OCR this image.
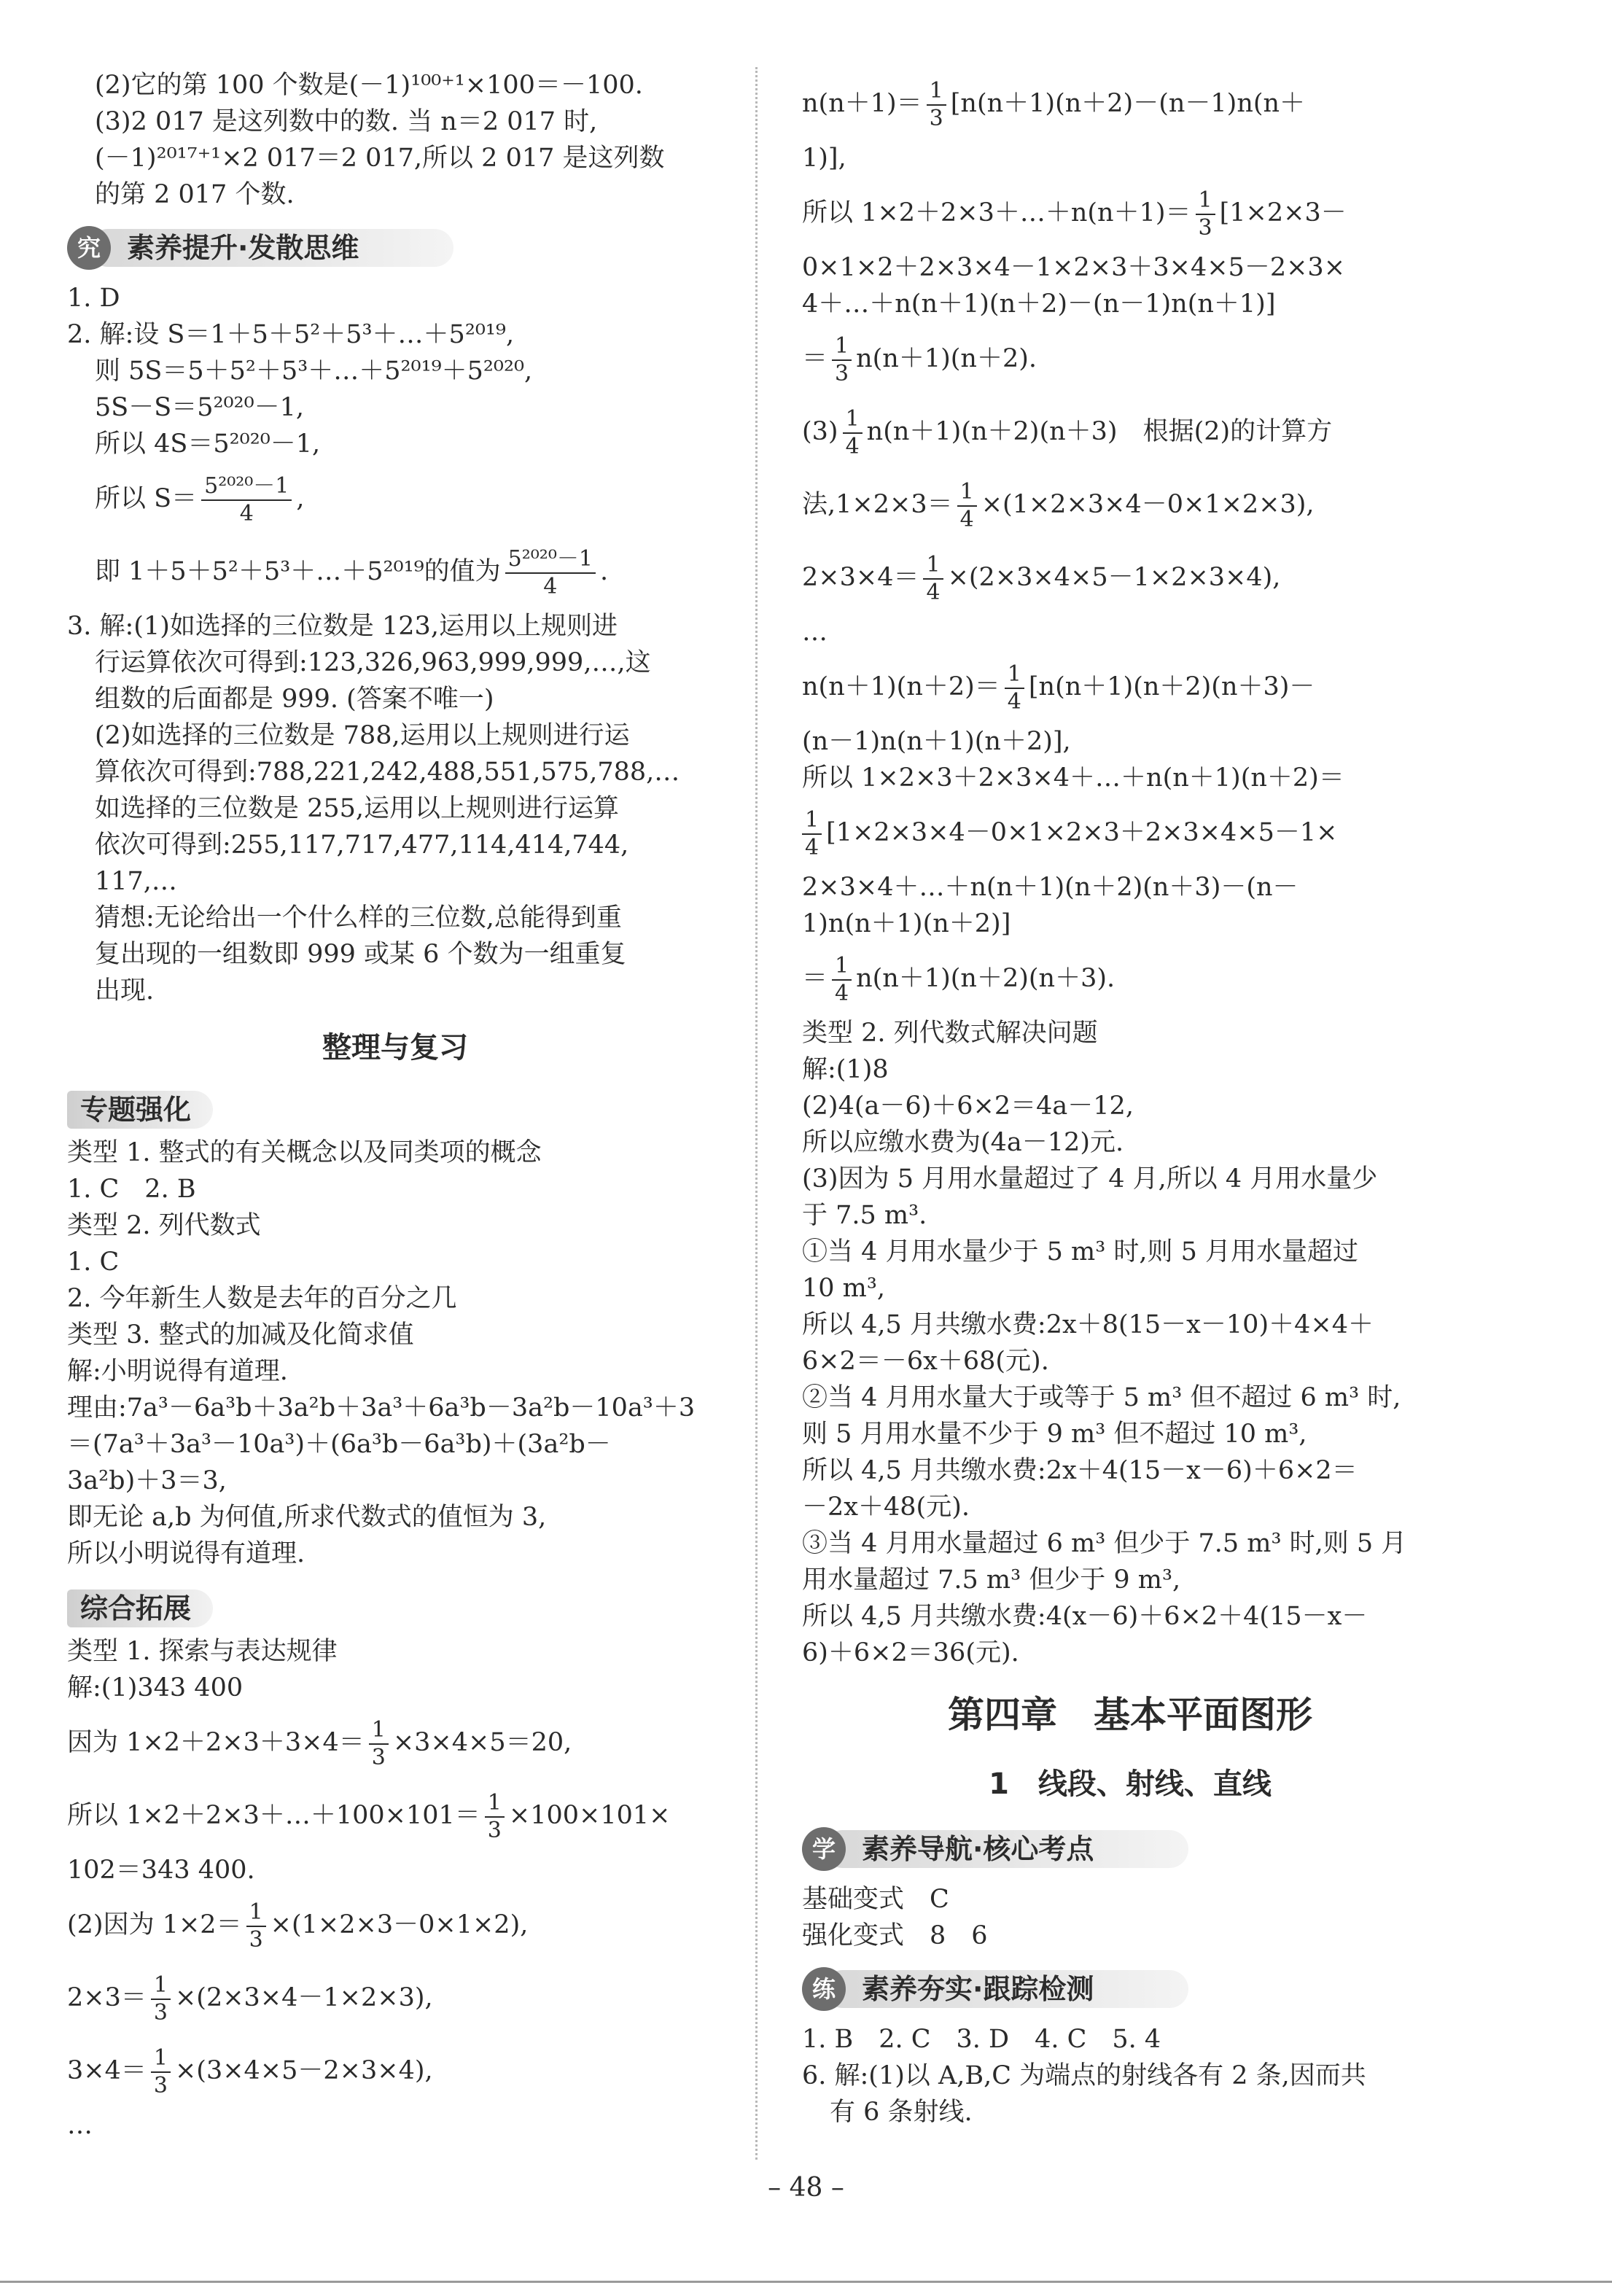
(2)它的第 100 个数是(－1)¹⁰⁰⁺¹×100＝－100.
(3)2 017 是这列数中的数. 当 n＝2 017 时,
(－1)²⁰¹⁷⁺¹×2 017＝2 017,所以 2 017 是这列数
的第 2 017 个数.
究 素养提升·发散思维
1. D
2. 解:设 S＝1＋5＋5²＋5³＋…＋5²⁰¹⁹,
则 5S＝5＋5²＋5³＋…＋5²⁰¹⁹＋5²⁰²⁰,
5S－S＝5²⁰²⁰－1,
所以 4S＝5²⁰²⁰－1,
所以 $S= \frac{\text{5²⁰²⁰－1}}{4}$ ,
即 1＋5＋5²＋5³＋…＋5²⁰¹⁹的值为 $\frac{\text{5²⁰²⁰－1}}{4}$ .
3. 解:(1)如选择的三位数是 123,运用以上规则进
行运算依次可得到:123,326,963,999,999,…,这
组数的后面都是 999. (答案不唯一)
(2)如选择的三位数是 788,运用以上规则进行运
算依次可得到:788,221,242,488,551,575,788,…
如选择的三位数是 255,运用以上规则进行运算
依次可得到:255,117,717,477,114,414,744,
117,…
猜想:无论给出一个什么样的三位数,总能得到重
复出现的一组数即 999 或某 6 个数为一组重复
出现.
整理与复习
专题强化
类型 1. 整式的有关概念以及同类项的概念
1. C　2. B
类型 2. 列代数式
1. C
2. 今年新生人数是去年的百分之几
类型 3. 整式的加减及化简求值
解:小明说得有道理.
理由:7a³－6a³b＋3a²b＋3a³＋6a³b－3a²b－10a³＋3
＝(7a³＋3a³－10a³)＋(6a³b－6a³b)＋(3a²b－
3a²b)＋3＝3,
即无论 a,b 为何值,所求代数式的值恒为 3,
所以小明说得有道理.
综合拓展
类型 1. 探索与表达规律
解:(1)343 400
因为 $1\times 2+2\times 3+3\times 4= \frac{1}{3} \times 3\times 4\times 5=20$,
所以 1×2＋2×3＋…＋100×101＝ $\frac{1}{3} \times 100\times 101\times$
102＝343 400.
(2)因为 $1\times 2= \frac{1}{3} \times(1\times 2\times 3-0\times 1\times 2)$,
$2\times 3= \frac{1}{3} \times(2\times 3\times 4-1\times 2\times 3)$,
$3\times 4= \frac{1}{3} \times(3\times 4\times 5-2\times 3\times 4)$,
…
$n(n+1)= \frac{1}{3} [n(n+1)(n+2)-(n-1)n(n+$
1)],
所以 1×2＋2×3＋…＋n(n＋1)＝ $\frac{1}{3} [1\times 2\times 3-$
0×1×2＋2×3×4－1×2×3＋3×4×5－2×3×
4＋…＋n(n＋1)(n＋2)－(n－1)n(n＋1)]
＝ $\frac{1}{3} n(n+1)(n+2)$.
$(3) \frac{1}{4} n(n+1)(n+2)(n+3)$　根据(2)的计算方
法$,1\times 2\times 3= \frac{1}{4} \times(1\times 2\times 3\times 4-0\times 1\times 2\times 3)$,
$2\times 3\times 4= \frac{1}{4} \times(2\times 3\times 4\times 5-1\times 2\times 3\times 4)$,
…
$n(n+1)(n+2)= \frac{1}{4} [n(n+1)(n+2)(n+3)-$
(n－1)n(n＋1)(n＋2)],
所以 1×2×3＋2×3×4＋…＋n(n＋1)(n＋2)＝
$\frac{1}{4} [1\times 2\times 3\times 4-0\times 1\times 2\times 3+2\times 3\times 4\times 5-1\times$
2×3×4＋…＋n(n＋1)(n＋2)(n＋3)－(n－
1)n(n＋1)(n＋2)]
＝ $\frac{1}{4} n(n+1)(n+2)(n+3)$.
类型 2. 列代数式解决问题
解:(1)8
(2)4(a－6)＋6×2＝4a－12,
所以应缴水费为(4a－12)元.
(3)因为 5 月用水量超过了 4 月,所以 4 月用水量少
于 7.5 m³.
①当 4 月用水量少于 5 m³ 时,则 5 月用水量超过
10 m³,
所以 4,5 月共缴水费:2x＋8(15－x－10)＋4×4＋
6×2＝－6x＋68(元).
②当 4 月用水量大于或等于 5 m³ 但不超过 6 m³ 时,
则 5 月用水量不少于 9 m³ 但不超过 10 m³,
所以 4,5 月共缴水费:2x＋4(15－x－6)＋6×2＝
－2x＋48(元).
③当 4 月用水量超过 6 m³ 但少于 7.5 m³ 时,则 5 月
用水量超过 7.5 m³ 但少于 9 m³,
所以 4,5 月共缴水费:4(x－6)＋6×2＋4(15－x－
6)＋6×2＝36(元).
第四章　基本平面图形
1　线段、射线、直线
学 素养导航·核心考点
基础变式　C
强化变式　8　6
练 素养夯实·跟踪检测
1. B　2. C　3. D　4. C　5. 4
6. 解:(1)以 A,B,C 为端点的射线各有 2 条,因而共
有 6 条射线.
– 48 –
